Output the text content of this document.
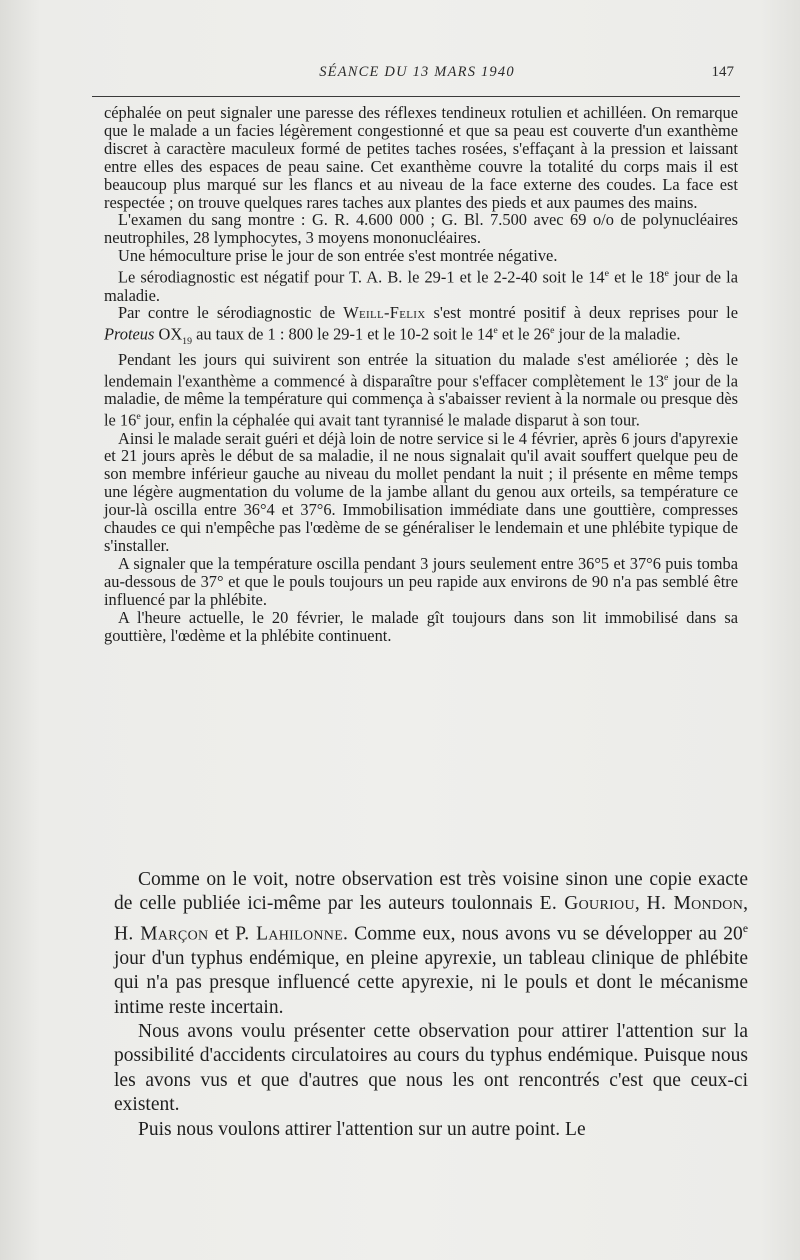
SÉANCE DU 13 MARS 1940	147

céphalée on peut signaler une paresse des réflexes tendineux rotulien et achilléen. On remarque que le malade a un facies légèrement congestionné et que sa peau est couverte d'un exanthème discret à caractère maculeux formé de petites taches rosées, s'effaçant à la pression et laissant entre elles des espaces de peau saine. Cet exanthème couvre la totalité du corps mais il est beaucoup plus marqué sur les flancs et au niveau de la face externe des coudes. La face est respectée ; on trouve quelques rares taches aux plantes des pieds et aux paumes des mains.

L'examen du sang montre : G. R. 4.600 000 ; G. Bl. 7.500 avec 69 o/o de polynucléaires neutrophiles, 28 lymphocytes, 3 moyens mononucléaires.

Une hémoculture prise le jour de son entrée s'est montrée négative.

Le sérodiagnostic est négatif pour T. A. B. le 29-1 et le 2-2-40 soit le 14e et le 18e jour de la maladie.

Par contre le sérodiagnostic de Weill-Felix s'est montré positif à deux reprises pour le Proteus $OX_{19}$ au taux de 1 : 800 le 29-1 et le 10-2 soit le 14e et le 26e jour de la maladie.

Pendant les jours qui suivirent son entrée la situation du malade s'est améliorée ; dès le lendemain l'exanthème a commencé à disparaître pour s'effacer complètement le 13e jour de la maladie, de même la température qui commença à s'abaisser revient à la normale ou presque dès le 16e jour, enfin la céphalée qui avait tant tyrannisé le malade disparut à son tour.

Ainsi le malade serait guéri et déjà loin de notre service si le 4 février, après 6 jours d'apyrexie et 21 jours après le début de sa maladie, il ne nous signalait qu'il avait souffert quelque peu de son membre inférieur gauche au niveau du mollet pendant la nuit ; il présente en même temps une légère augmentation du volume de la jambe allant du genou aux orteils, sa température ce jour-là oscilla entre 36°4 et 37°6. Immobilisation immédiate dans une gouttière, compresses chaudes ce qui n'empêche pas l'œdème de se généraliser le lendemain et une phlébite typique de s'installer.

A signaler que la température oscilla pendant 3 jours seulement entre 36°5 et 37°6 puis tomba au-dessous de 37° et que le pouls toujours un peu rapide aux environs de 90 n'a pas semblé être influencé par la phlébite.

A l'heure actuelle, le 20 février, le malade gît toujours dans son lit immobilisé dans sa gouttière, l'œdème et la phlébite continuent.

Comme on le voit, notre observation est très voisine sinon une copie exacte de celle publiée ici-même par les auteurs toulonnais E. Gouriou, H. Mondon, H. Marçon et P. Lahilonne. Comme eux, nous avons vu se développer au 20e jour d'un typhus endémique, en pleine apyrexie, un tableau clinique de phlébite qui n'a pas presque influencé cette apyrexie, ni le pouls et dont le mécanisme intime reste incertain.

Nous avons voulu présenter cette observation pour attirer l'attention sur la possibilité d'accidents circulatoires au cours du typhus endémique. Puisque nous les avons vus et que d'autres que nous les ont rencontrés c'est que ceux-ci existent.

Puis nous voulons attirer l'attention sur un autre point. Le
